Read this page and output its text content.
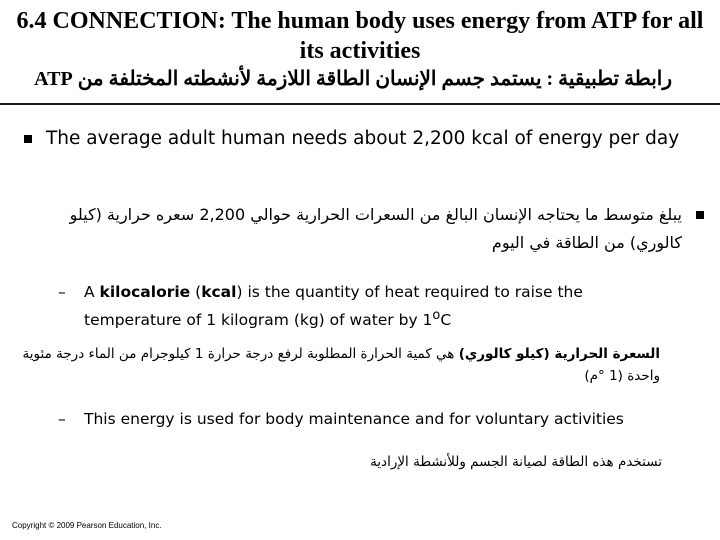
6.4 CONNECTION: The human body uses energy from ATP for all its activities
رابطة تطبيقية : يستمد جسم الإنسان الطاقة اللازمة لأنشطته المختلفة من ATP
The average adult human needs about 2,200 kcal of energy per day
يبلغ متوسط ما يحتاجه الإنسان البالغ من السعرات الحرارية حوالي 2,200 سعره حرارية (كيلو كالوري) من الطاقة في اليوم
– A kilocalorie (kcal) is the quantity of heat required to raise the temperature of 1 kilogram (kg) of water by 1$^o$C
السعرة الحرارية (كيلو كالوري) هي كمية الحرارة المطلوبة لرفع درجة حرارة 1 كيلوجرام من الماء درجة مئوية واحدة (1 °م)
– This energy is used for body maintenance and for voluntary activities
تستخدم هذه الطاقة لصيانة الجسم وللأنشطة الإرادية
Copyright © 2009 Pearson Education, Inc.
